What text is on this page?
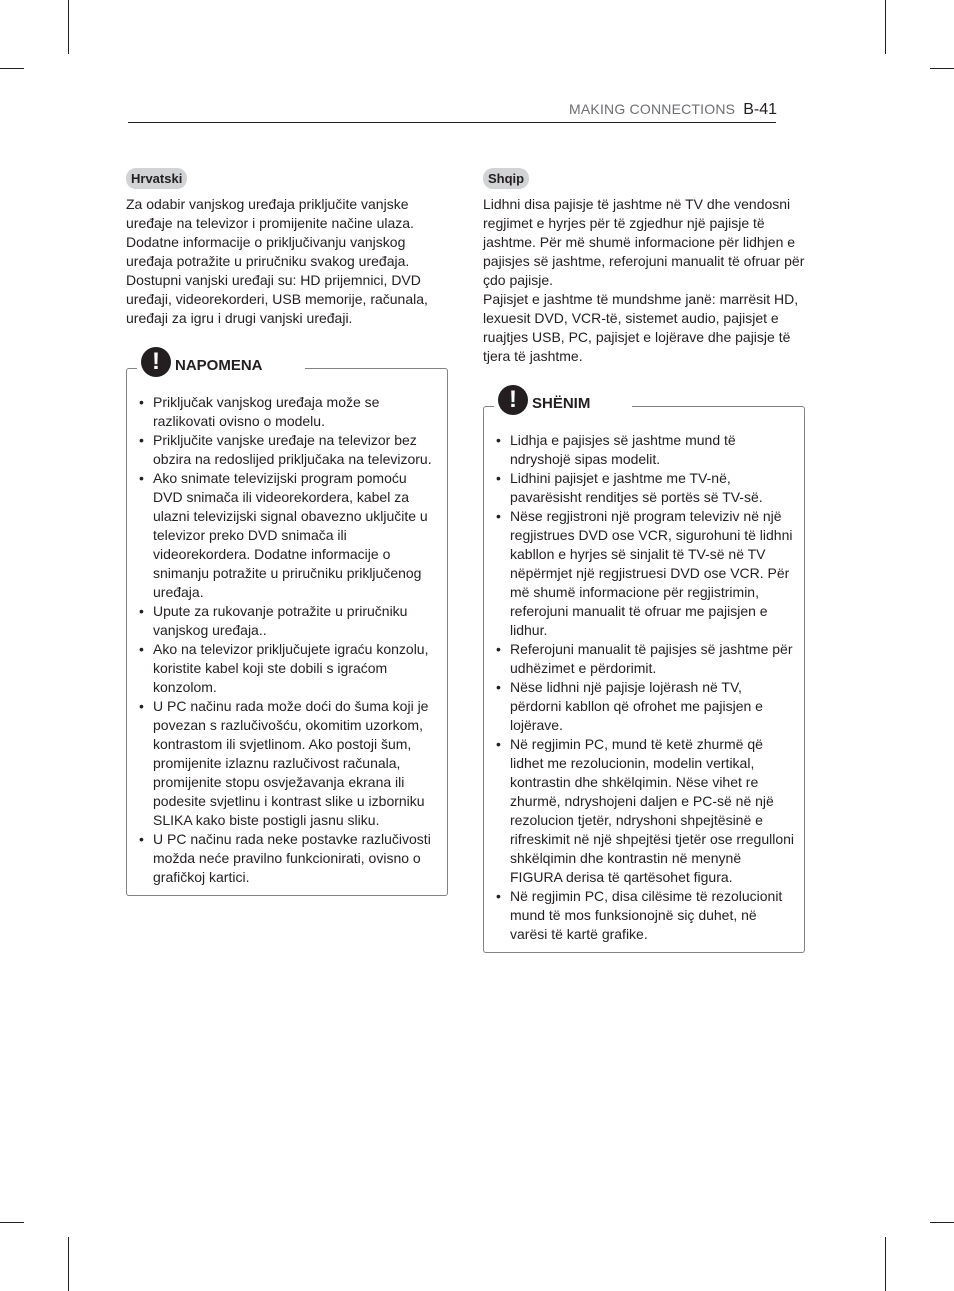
MAKING CONNECTIONS B-41
Hrvatski

Za odabir vanjskog uređaja priključite vanjske uređaje na televizor i promijenite načine ulaza. Dodatne informacije o priključivanju vanjskog uređaja potražite u priručniku svakog uređaja. Dostupni vanjski uređaji su: HD prijemnici, DVD uređaji, videorekorderi, USB memorije, računala, uređaji za igru i drugi vanjski uređaji.

!	NAPOMENA
• Priključak vanjskog uređaja može se razlikovati ovisno o modelu.
• Priključite vanjske uređaje na televizor bez obzira na redoslijed priključaka na televizoru.
• Ako snimate televizijski program pomoću DVD snimača ili videorekordera, kabel za ulazni televizijski signal obavezno uključite u televizor preko DVD snimača ili videorekordera. Dodatne informacije o snimanju potražite u priručniku priključenog uređaja.
• Upute za rukovanje potražite u priručniku vanjskog uređaja..
• Ako na televizor priključujete igraću konzolu, koristite kabel koji ste dobili s igraćom konzolom.
• U PC načinu rada može doći do šuma koji je povezan s razlučivošću, okomitim uzorkom, kontrastom ili svjetlinom. Ako postoji šum, promijenite izlaznu razlučivost računala, promijenite stopu osvježavanja ekrana ili podesite svjetlinu i kontrast slike u izborniku SLIKA kako biste postigli jasnu sliku.
• U PC načinu rada neke postavke razlučivosti možda neće pravilno funkcionirati, ovisno o grafičkoj kartici.
Shqip

Lidhni disa pajisje të jashtme në TV dhe vendosni regjimet e hyrjes për të zgjedhur një pajisje të jashtme. Për më shumë informacione për lidhjen e pajisjes së jashtme, referojuni manualit të ofruar për çdo pajisje.

Pajisjet e jashtme të mundshme janë: marrësit HD, lexuesit DVD, VCR-të, sistemet audio, pajisjet e ruajtjes USB, PC, pajisjet e lojërave dhe pajisje të tjera të jashtme.

!	SHËNIM
• Lidhja e pajisjes së jashtme mund të ndryshojë sipas modelit.
• Lidhini pajisjet e jashtme me TV-në, pavarësisht renditjes së portës së TV-së.
• Nëse regjistroni një program televiziv në një regjistrues DVD ose VCR, sigurohuni të lidhni kabllon e hyrjes së sinjalit të TV-së në TV nëpërmjet një regjistruesi DVD ose VCR. Për më shumë informacione për regjistrimin, referojuni manualit të ofruar me pajisjen e lidhur.
• Referojuni manualit të pajisjes së jashtme për udhëzimet e përdorimit.
• Nëse lidhni një pajisje lojërash në TV, përdorni kabllon që ofrohet me pajisjen e lojërave.
• Në regjimin PC, mund të ketë zhurmë që lidhet me rezolucionin, modelin vertikal, kontrastin dhe shkëlqimin. Nëse vihet re zhurmë, ndryshojeni daljen e PC-së në një rezolucion tjetër, ndryshoni shpejtësinë e rifreskimit në një shpejtësi tjetër ose rregulloni shkëlqimin dhe kontrastin në menynë FIGURA derisa të qartësohet figura.
• Në regjimin PC, disa cilësime të rezolucionit mund të mos funksionojnë siç duhet, në varësi të kartë grafike.
